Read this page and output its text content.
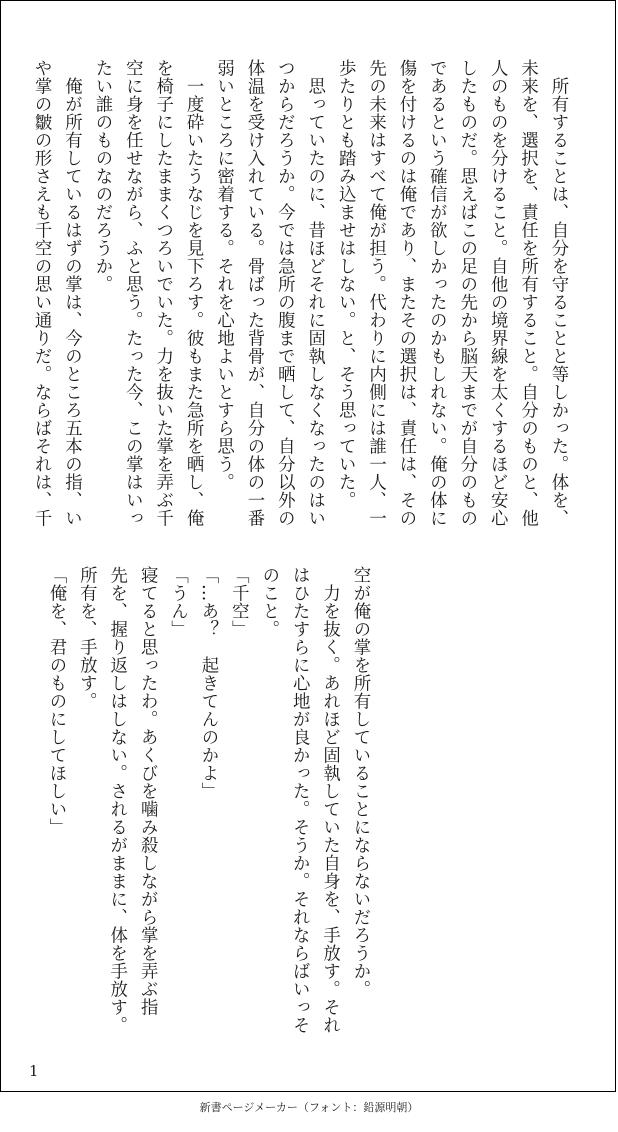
　所有することは、自分を守ることと等しかった。体を、
未来を、選択を、責任を所有すること。自分のものと、他
人のものを分けること。自他の境界線を太くするほど安心
したものだ。思えばこの足の先から脳天までが自分のもの
であるという確信が欲しかったのかもしれない。俺の体に
傷を付けるのは俺であり、またその選択は、責任は、その
先の未来はすべて俺が担う。代わりに内側には誰一人、一
歩たりとも踏み込ませはしない。と、そう思っていた。
　思っていたのに、昔ほどそれに固執しなくなったのはい
つからだろうか。今では急所の腹まで晒して、自分以外の
体温を受け入れている。骨ばった背骨が、自分の体の一番
弱いところに密着する。それを心地よいとすら思う。
　一度砕いたうなじを見下ろす。彼もまた急所を晒し、俺
を椅子にしたままくつろいでいた。力を抜いた掌を弄ぶ千
空に身を任せながら、ふと思う。たった今、この掌はいっ
たい誰のものなのだろうか。
　俺が所有しているはずの掌は、今のところ五本の指、い
や掌の皺の形さえも千空の思い通りだ。ならばそれは、千
空が俺の掌を所有していることにならないだろうか。
　力を抜く。あれほど固執していた自身を、手放す。それ
はひたすらに心地が良かった。そうか。それならばいっそ
のこと。
「千空」
「…あ？　起きてんのかよ」
「うん」
寝てると思ったわ。あくびを噛み殺しながら掌を弄ぶ指
先を、握り返しはしない。されるがままに、体を手放す。
所有を、手放す。
「俺を、君のものにしてほしい」
1
新書ページメーカー（フォント：鉛源明朝）
